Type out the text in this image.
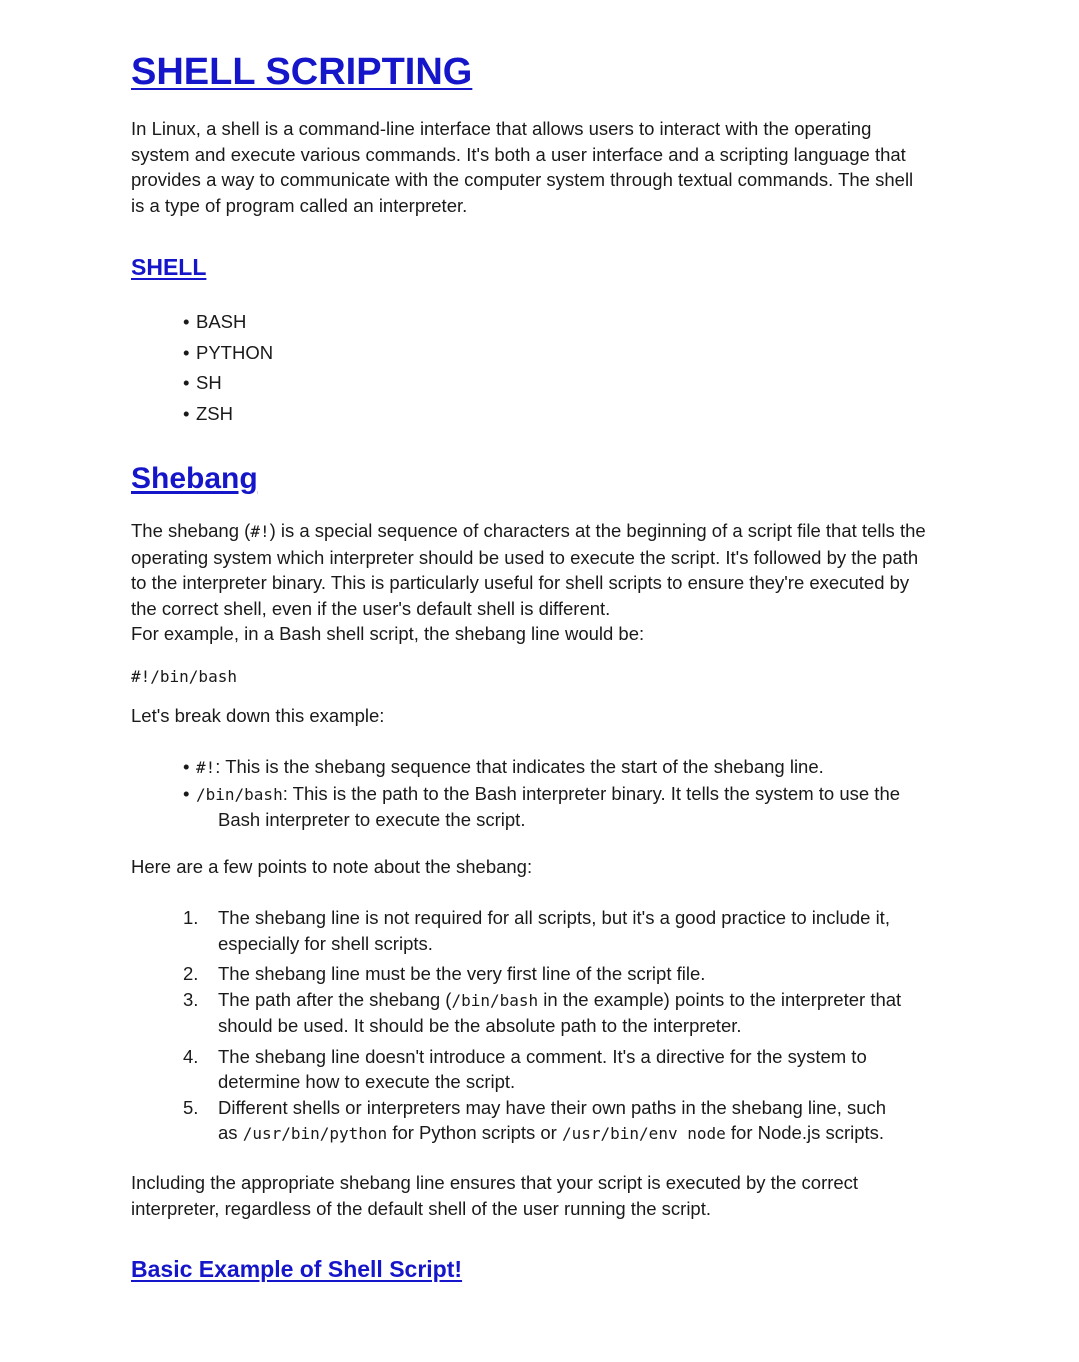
SHELL SCRIPTING

In Linux, a shell is a command-line interface that allows users to interact with the operating
system and execute various commands. It's both a user interface and a scripting language that
provides a way to communicate with the computer system through textual commands. The shell
is a type of program called an interpreter.

SHELL
• BASH
• PYTHON
• SH
• ZSH
Shebang

The shebang (#!) is a special sequence of characters at the beginning of a script file that tells the
operating system which interpreter should be used to execute the script. It's followed by the path
to the interpreter binary. This is particularly useful for shell scripts to ensure they're executed by
the correct shell, even if the user's default shell is different.
For example, in a Bash shell script, the shebang line would be:

#!/bin/bash

Let's break down this example:

• #!: This is the shebang sequence that indicates the start of the shebang line.
• /bin/bash: This is the path to the Bash interpreter binary. It tells the system to use the
Bash interpreter to execute the script.

Here are a few points to note about the shebang:

1. The shebang line is not required for all scripts, but it's a good practice to include it,
especially for shell scripts.
2. The shebang line must be the very first line of the script file.
3. The path after the shebang (/bin/bash in the example) points to the interpreter that
should be used. It should be the absolute path to the interpreter.
4. The shebang line doesn't introduce a comment. It's a directive for the system to
determine how to execute the script.
5. Different shells or interpreters may have their own paths in the shebang line, such
as /usr/bin/python for Python scripts or /usr/bin/env node for Node.js scripts.

Including the appropriate shebang line ensures that your script is executed by the correct
interpreter, regardless of the default shell of the user running the script.

Basic Example of Shell Script!
